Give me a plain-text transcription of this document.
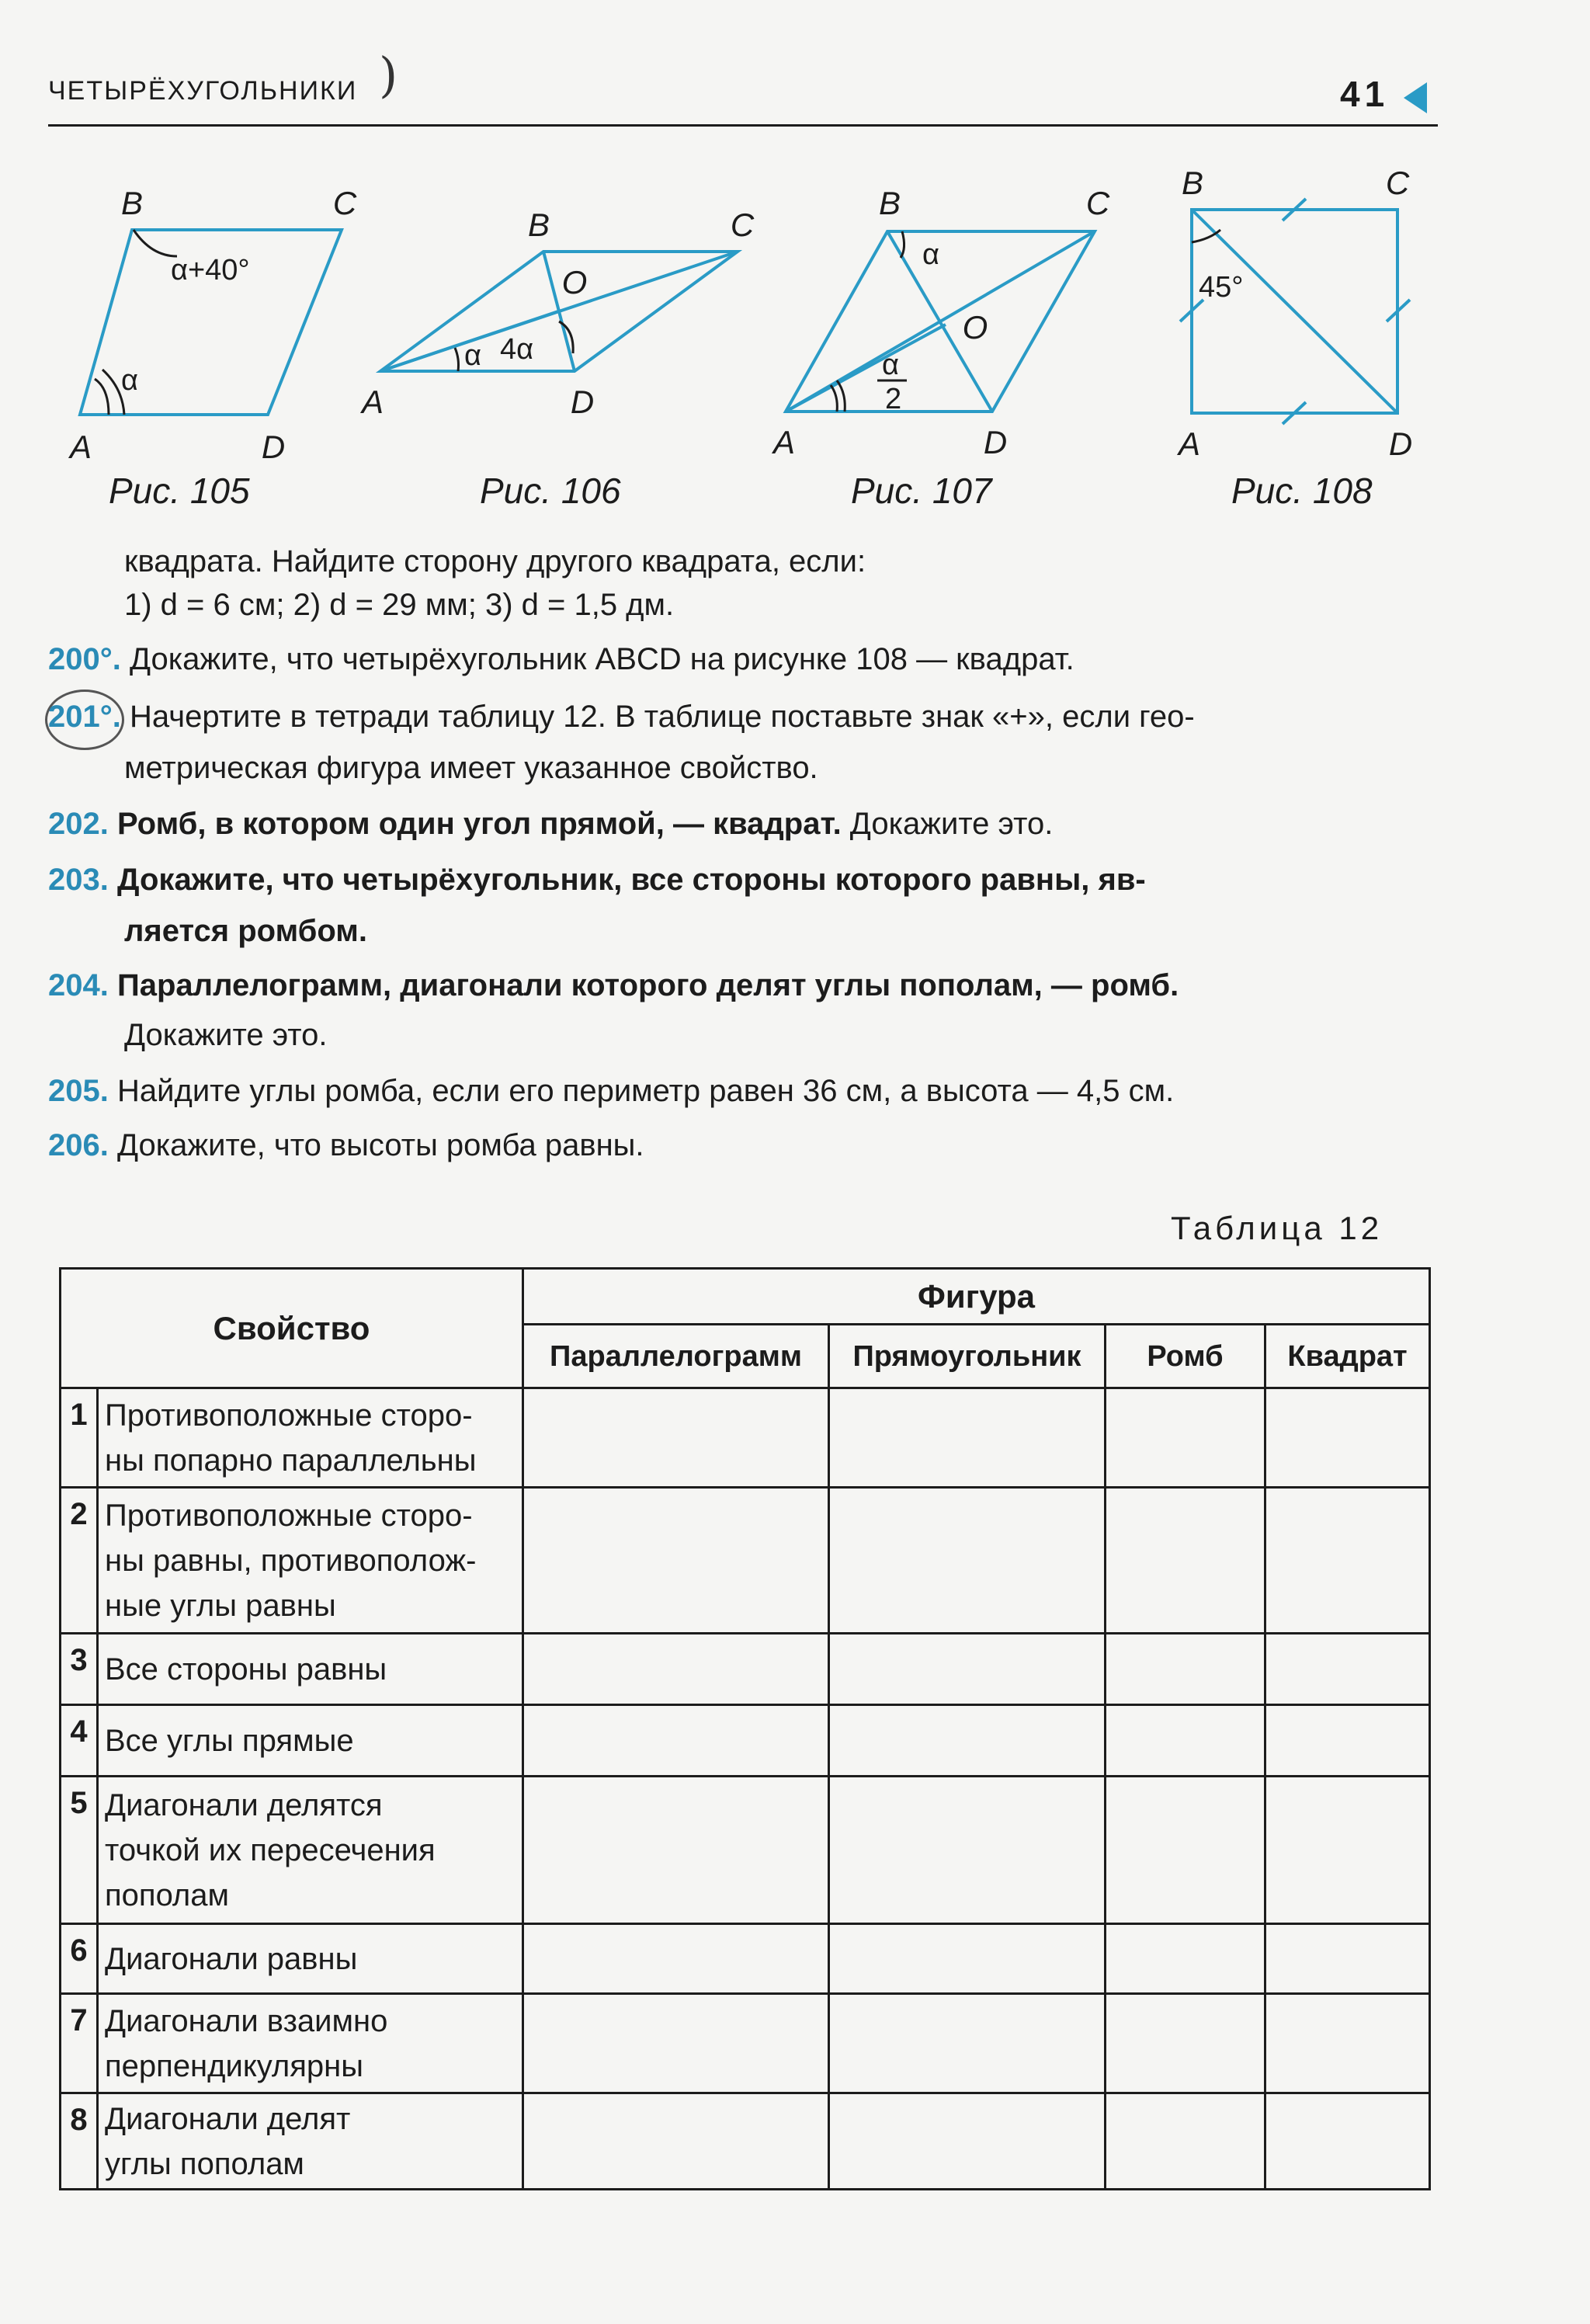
ЧЕТЫРЁХУГОЛЬНИКИ )	41
B	C
A	D
α+40°
α
Рис. 105
B	C
A	D
O
α 4α
Рис. 106
B	C
A	D
O
α
α
2
Рис. 107
B	C
A	D
45°
Рис. 108
квадрата. Найдите сторону другого квадрата, если:
1) d = 6 см; 2) d = 29 мм; 3) d = 1,5 дм.
200°. Докажите, что четырёхугольник ABCD на рисунке 108 — квадрат.
201°. Начертите в тетради таблицу 12. В таблице поставьте знак «+», если гео-
метрическая фигура имеет указанное свойство.
202. Ромб, в котором один угол прямой, — квадрат. Докажите это.
203. Докажите, что четырёхугольник, все стороны которого равны, яв-
ляется ромбом.
204. Параллелограмм, диагонали которого делят углы пополам, — ромб.
Докажите это.
205. Найдите углы ромба, если его периметр равен 36 см, а высота — 4,5 см.
206. Докажите, что высоты ромба равны.
Таблица 12
Свойство		Фигура			
		Параллелограмм	Прямоугольник	Ромб	Квадрат
1	Противоположные сторо-
ны попарно параллельны				

2	Противоположные сторо-
ны равны, противополож-
ные углы равны				

3	Все стороны равны				

4	Все углы прямые				

5	Диагонали делятся
точкой их пересечения
пополам				

6	Диагонали равны				

7	Диагонали взаимно
перпендикулярны				

8	Диагонали делят
углы пополам				
